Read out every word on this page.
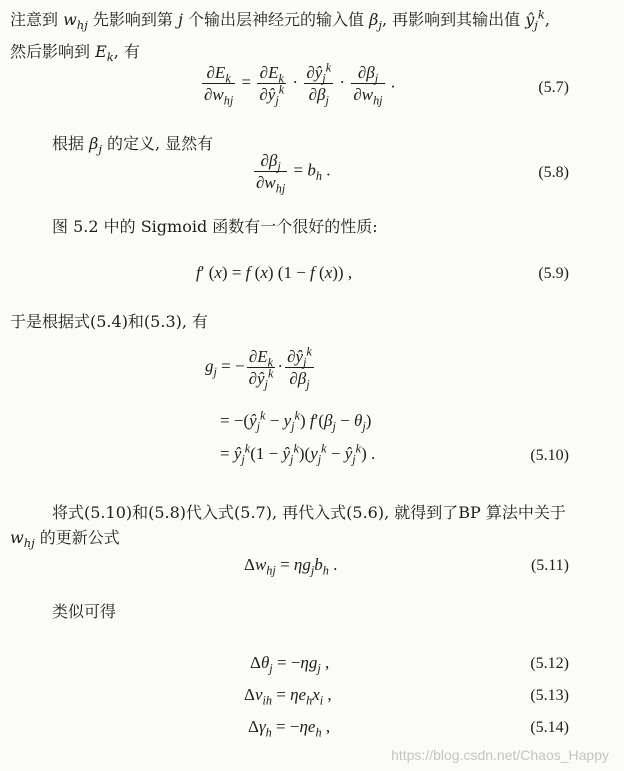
注意到 $w_{hj}$ 先影响到第 j 个输出层神经元的输入值 $\beta_j$, 再影响到其输出值 $ŷ_j^k$,
然后影响到 $E_k$, 有
$\frac{\partial E_k}{\partial w_{hj}} = \frac{\partial E_k}{\partial ŷ_j^k} \cdot \frac{\partial ŷ_j^k}{\partial\beta_j} \cdot \frac{\partial\beta_j}{\partial w_{hj}}$ .	(5.7)
根据 $\beta_j$ 的定义, 显然有
$\frac{\partial\beta_j}{\partial w_{hj}} = b_h$ .	(5.8)
图 5.2 中的 Sigmoid 函数有一个很好的性质:
f′ (x) = f (x) (1 − f (x)) ,	(5.9)
于是根据式(5.4)和(5.3), 有
$g_j$ = − $\frac{\partial E_k}{\partial ŷ_j^k} \cdot \frac{\partial ŷ_j^k}{\partial\beta_j}$
= $-(ŷ_j^k - y_j^k) f'(\beta_j - \theta_j)$
= $ŷ_j^k(1$ − $ŷ_j^k)(y_j^k$ − $ŷ_j^k$) .	(5.10)
将式(5.10)和(5.8)代入式(5.7), 再代入式(5.6), 就得到了BP 算法中关于
$w_{hj}$ 的更新公式
$\Delta w_{hj} = \eta g_jb_h$ .	(5.11)
类似可得
$\Delta\theta_j = -\eta g_j$ ,	(5.12)
$\Delta v_{ih} = \eta e_hx_i$ ,	(5.13)
$\Delta\gamma_h = -\eta e_h$ ,	(5.14)
https://blog.csdn.net/Chaos_Happy
